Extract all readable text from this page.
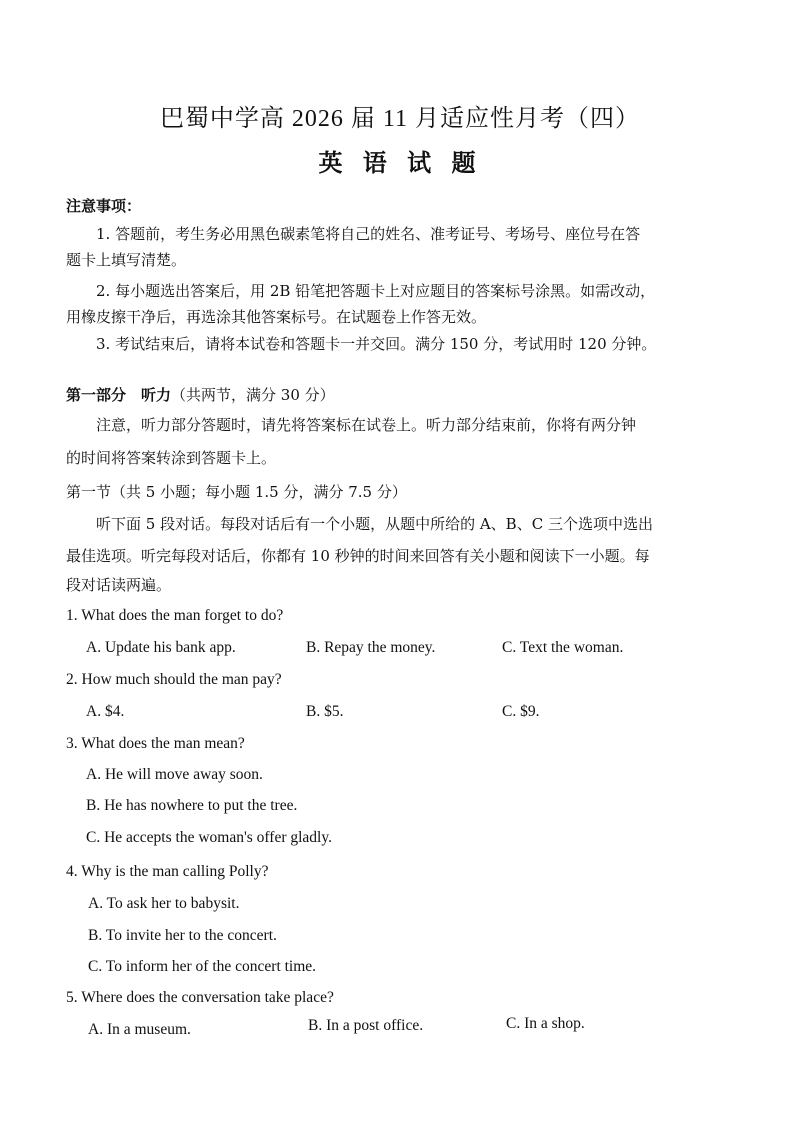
巴蜀中学高 2026 届 11 月适应性月考（四）
英 语 试 题
注意事项：
1. 答题前，考生务必用黑色碳素笔将自己的姓名、准考证号、考场号、座位号在答
题卡上填写清楚。
2. 每小题选出答案后，用 2B 铅笔把答题卡上对应题目的答案标号涂黑。如需改动，
用橡皮擦干净后，再选涂其他答案标号。在试题卷上作答无效。
3. 考试结束后，请将本试卷和答题卡一并交回。满分 150 分，考试用时 120 分钟。
第一部分　听力（共两节，满分 30 分）
注意，听力部分答题时，请先将答案标在试卷上。听力部分结束前，你将有两分钟
的时间将答案转涂到答题卡上。
第一节（共 5 小题；每小题 1.5 分，满分 7.5 分）
听下面 5 段对话。每段对话后有一个小题，从题中所给的 A、B、C 三个选项中选出
最佳选项。听完每段对话后，你都有 10 秒钟的时间来回答有关小题和阅读下一小题。每
段对话读两遍。
1. What does the man forget to do?
A. Update his bank app.	B. Repay the money.	C. Text the woman.
2. How much should the man pay?
A. $4.	B. $5.	C. $9.
3. What does the man mean?
A. He will move away soon.
B. He has nowhere to put the tree.
C. He accepts the woman's offer gladly.
4. Why is the man calling Polly?
A. To ask her to babysit.
B. To invite her to the concert.
C. To inform her of the concert time.
5. Where does the conversation take place?
A. In a museum.	B. In a post office.	C. In a shop.
